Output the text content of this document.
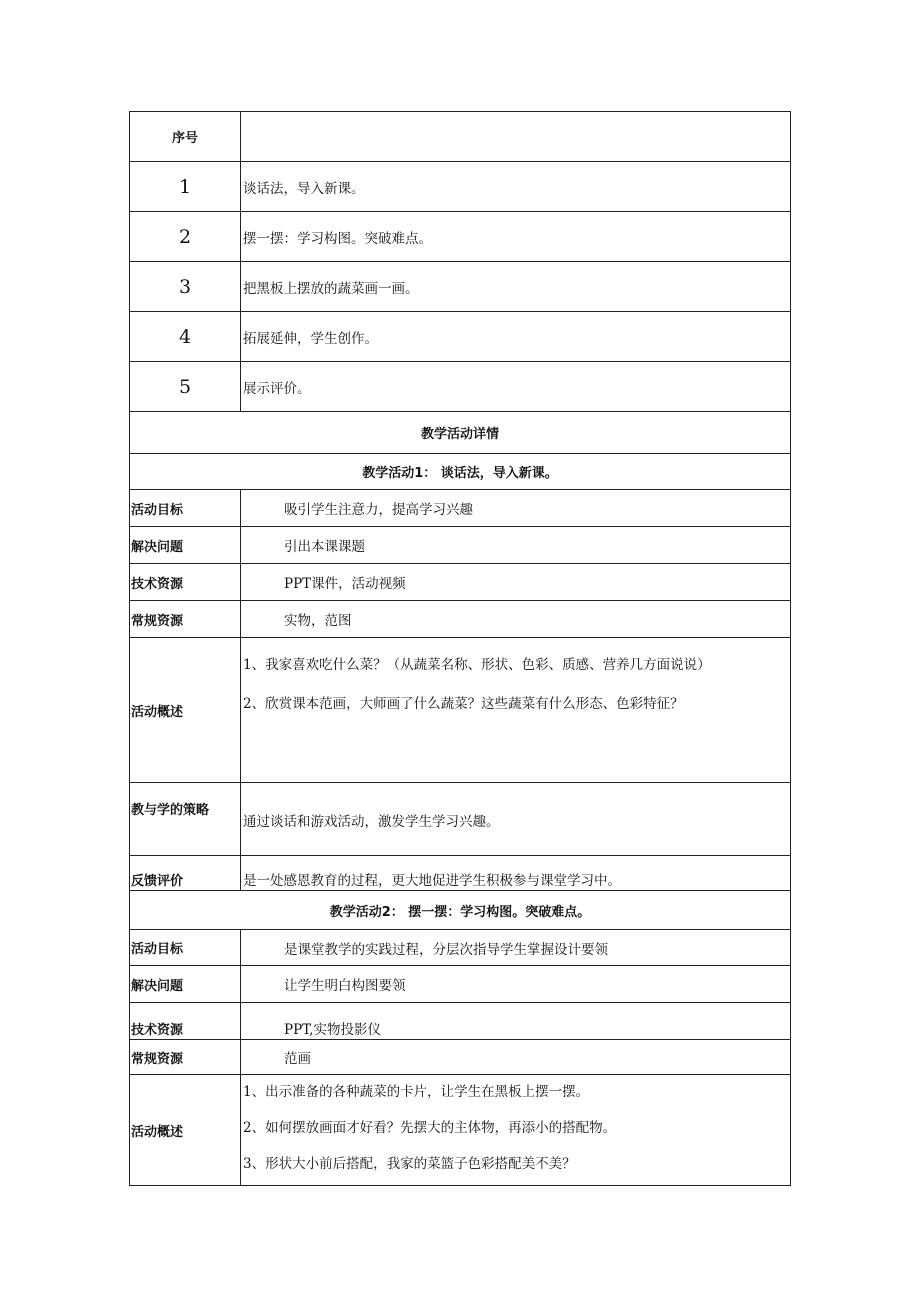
序号	
1	谈话法，导入新课。
2	摆一摆：学习构图。突破难点。
3	把黑板上摆放的蔬菜画一画。
4	拓展延伸，学生创作。
5	展示评价。
教学活动详情	
教学活动1： 谈话法，导入新课。	
活动目标	吸引学生注意力，提高学习兴趣
解决问题	引出本课课题
技术资源	PPT课件，活动视频
常规资源	实物，范图
活动概述	1、我家喜欢吃什么菜？（从蔬菜名称、形状、色彩、质感、营养几方面说说）

2、欣赏课本范画，大师画了什么蔬菜？这些蔬菜有什么形态、色彩特征？

教与学的策略	通过谈话和游戏活动，激发学生学习兴趣。
反馈评价	是一处感恩教育的过程，更大地促进学生积极参与课堂学习中。
教学活动2： 摆一摆：学习构图。突破难点。	
活动目标	是课堂教学的实践过程，分层次指导学生掌握设计要领
解决问题	让学生明白构图要领
技术资源	PPT,实物投影仪
常规资源	范画
活动概述	1、出示准备的各种蔬菜的卡片，让学生在黑板上摆一摆。

2、如何摆放画面才好看？先摆大的主体物，再添小的搭配物。

3、形状大小前后搭配，我家的菜篮子色彩搭配美不美？
